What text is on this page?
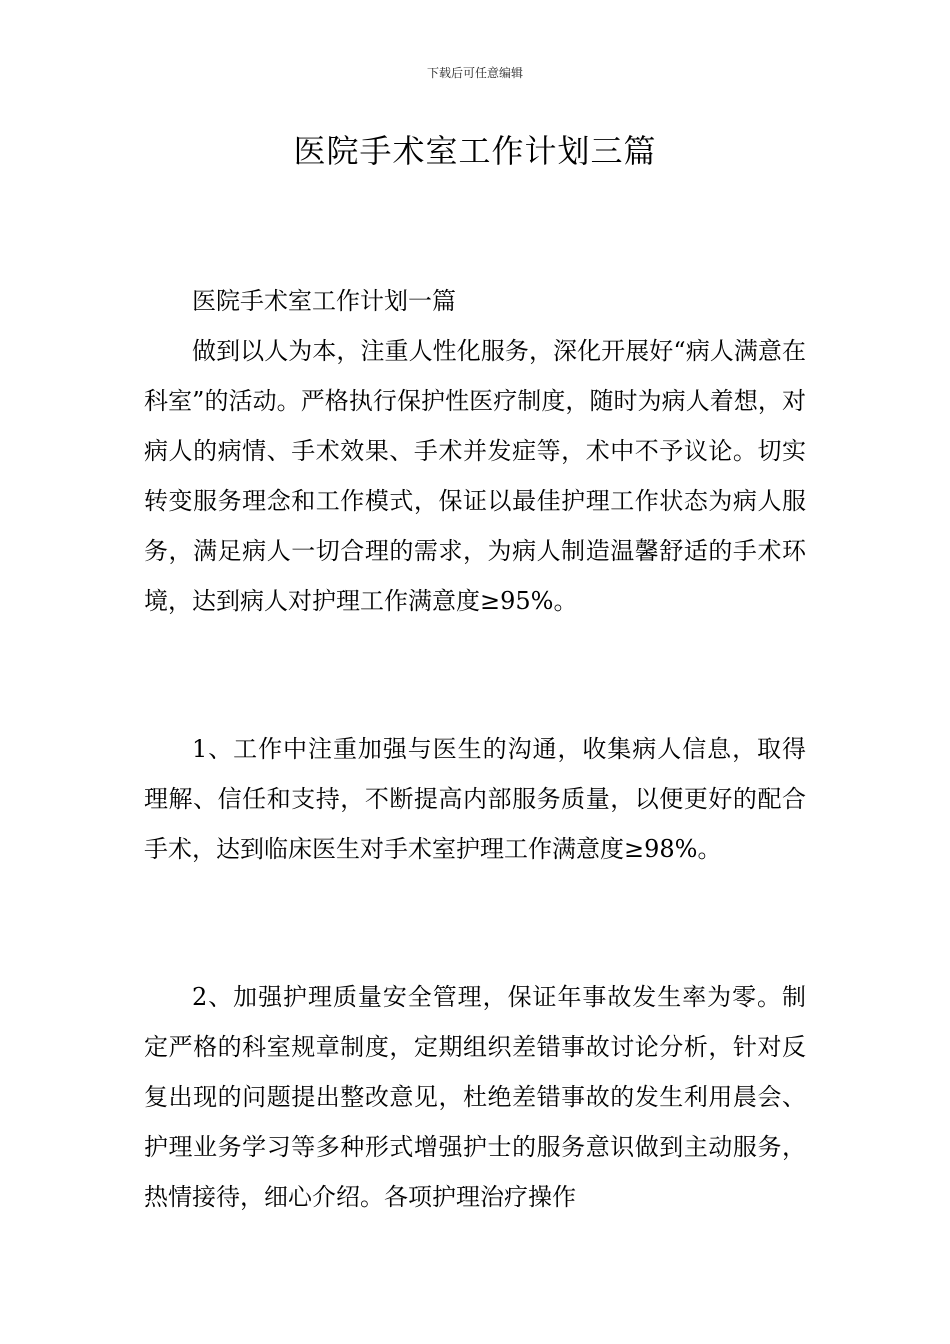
下载后可任意编辑
医院手术室工作计划三篇

医院手术室工作计划一篇

做到以人为本，注重人性化服务，深化开展好“病人满意在科室”的活动。严格执行保护性医疗制度，随时为病人着想，对病人的病情、手术效果、手术并发症等，术中不予议论。切实转变服务理念和工作模式，保证以最佳护理工作状态为病人服务，满足病人一切合理的需求，为病人制造温馨舒适的手术环境，达到病人对护理工作满意度≥95%。

1、工作中注重加强与医生的沟通，收集病人信息，取得理解、信任和支持，不断提高内部服务质量，以便更好的配合手术，达到临床医生对手术室护理工作满意度≥98%。

2、加强护理质量安全管理，保证年事故发生率为零。制定严格的科室规章制度，定期组织差错事故讨论分析，针对反复出现的问题提出整改意见，杜绝差错事故的发生利用晨会、护理业务学习等多种形式增强护士的服务意识做到主动服务，热情接待，细心介绍。各项护理治疗操作
